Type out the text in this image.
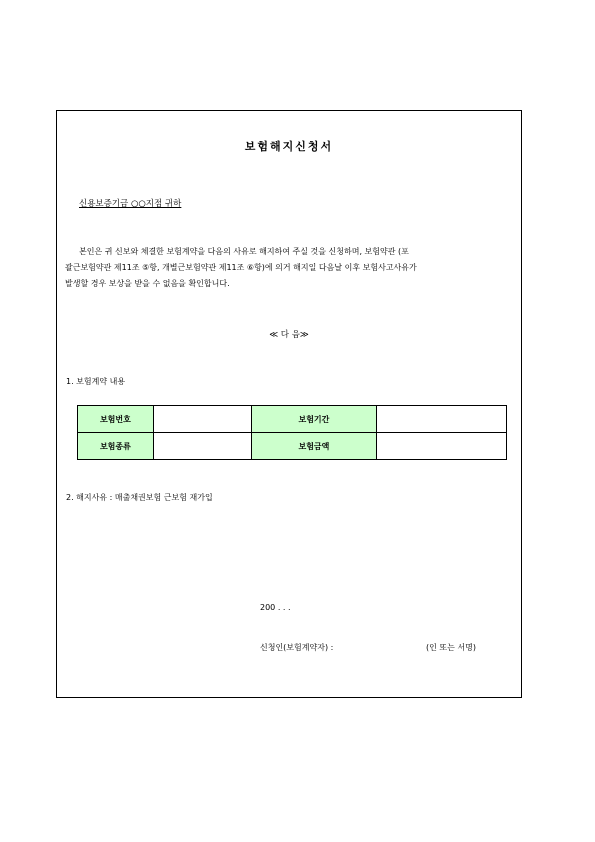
보험해지신청서
신용보증기금 ○○지점 귀하

본인은 귀 신보와 체결한 보험계약을 다음의 사유로 해지하여 주실 것을 신청하며, 보험약관 (포

괄근보험약관 제11조 ⑤항, 개별근보험약관 제11조 ⑥항)에 의거 해지일 다음날 이후 보험사고사유가

발생할 경우 보상을 받을 수 없음을 확인합니다.

≪ 다 음≫
1. 보험계약 내용
보험번호		보험기간	
보험종류		보험금액	
2. 해지사유 : 매출채권보험 근보험 재가입
200 . . .
신청인(보험계약자) :	(인 또는 서명)
